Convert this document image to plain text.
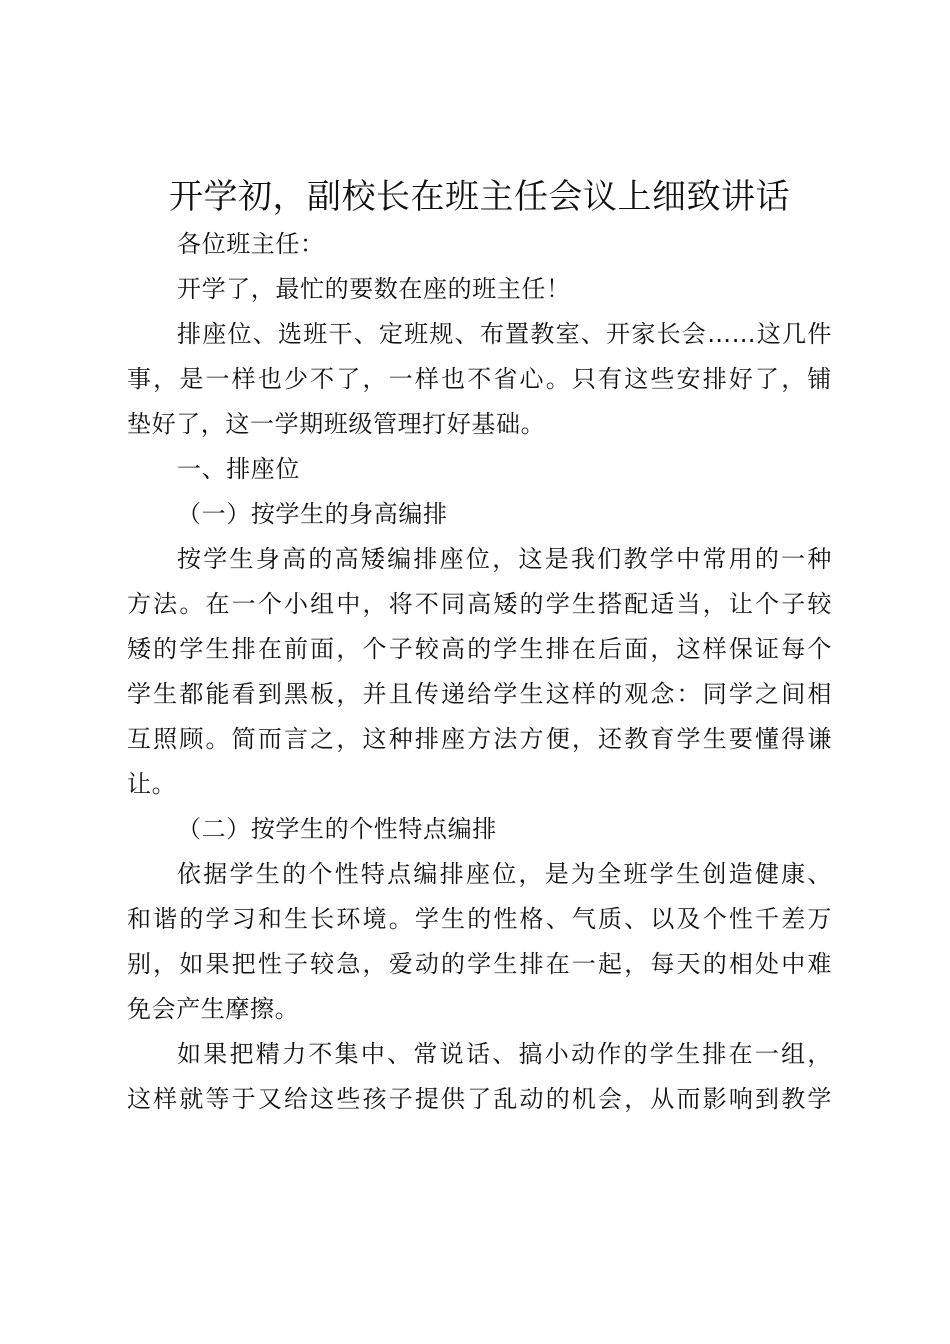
开学初，副校长在班主任会议上细致讲话
各位班主任：
开学了，最忙的要数在座的班主任！
排座位、选班干、定班规、布置教室、开家长会……这几件
事，是一样也少不了，一样也不省心。只有这些安排好了，铺
垫好了，这一学期班级管理打好基础。
一、排座位
（一）按学生的身高编排
按学生身高的高矮编排座位，这是我们教学中常用的一种
方法。在一个小组中，将不同高矮的学生搭配适当，让个子较
矮的学生排在前面，个子较高的学生排在后面，这样保证每个
学生都能看到黑板，并且传递给学生这样的观念：同学之间相
互照顾。简而言之，这种排座方法方便，还教育学生要懂得谦
让。
（二）按学生的个性特点编排
依据学生的个性特点编排座位，是为全班学生创造健康、
和谐的学习和生长环境。学生的性格、气质、以及个性千差万
别，如果把性子较急，爱动的学生排在一起，每天的相处中难
免会产生摩擦。
如果把精力不集中、常说话、搞小动作的学生排在一组，
这样就等于又给这些孩子提供了乱动的机会，从而影响到教学
